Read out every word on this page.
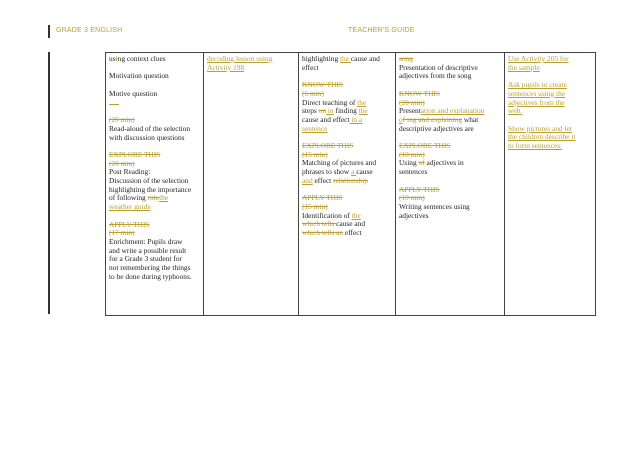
GRADE 3 ENGLISH	TEACHER'S GUIDE
using context clues
Motivation question
Motive question
(20 min)
Read-aloud of the selection
with discussion questions
EXPLORE THIS
(20 min)
Post Reading:
Discussion of the selection
highlighting the importance
of following rulethe
weather guide
APPLY THIS
(17 min)
Enrichment: Pupils draw
and write a possible result
for a Grade 3 student for
not remembering the things
to be done during typhoons.

decoding lesson using
Activity 198

highlighting the cause and
effect
KNOW THIS
(5 min)
Direct teaching of the
steps on in finding the
cause and effect in a
sentence
EXPLORE THIS
(15 min)
Matching of pictures and
phrases to show a cause
and effect relationship
APPLY THIS
(15 min)
Identification of the
which tells cause and
which tells an effect

song
Presentation of descriptive
adjectives from the song
KNOW THIS
(20 min)
Presentation and explanation
of ing and explaining what
descriptive adjectives are
EXPLORE THIS
(10 min)
Using of adjectives in
sentences
APPLY THIS
(10 min)
Writing sentences using
adjectives

Use Activity 205 for
the sample
Ask pupils to create
sentences using the
adjectives from the
web.
Show pictures and let
the children describe it
to form sentences.
